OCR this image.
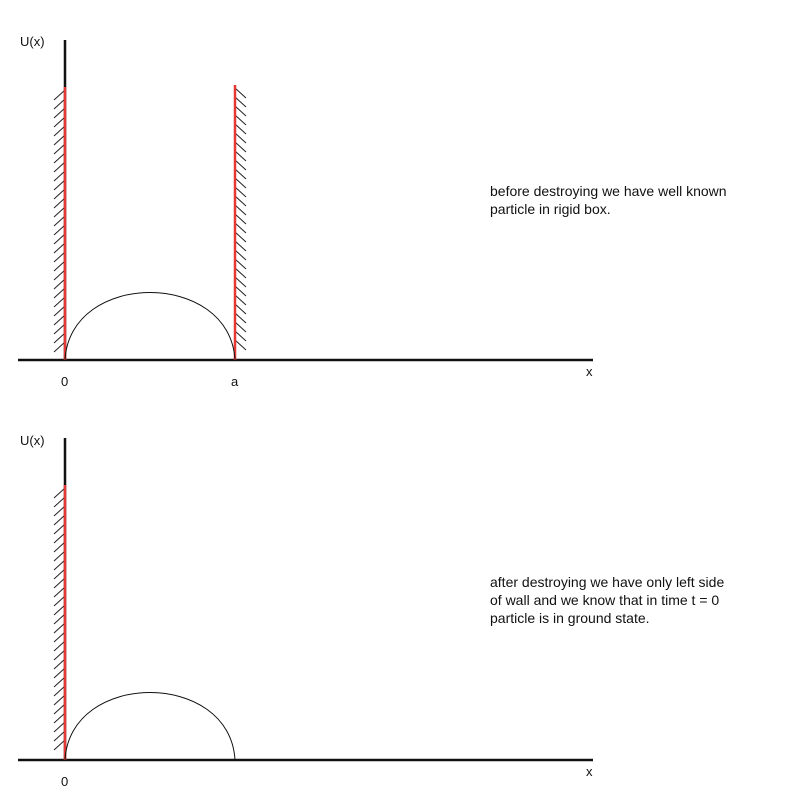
U(x)
0	a
x
U(x)
0
x
before destroying we have well known
particle in rigid box.
after destroying we have only left side
of wall and we know that in time t = 0
particle is in ground state.
